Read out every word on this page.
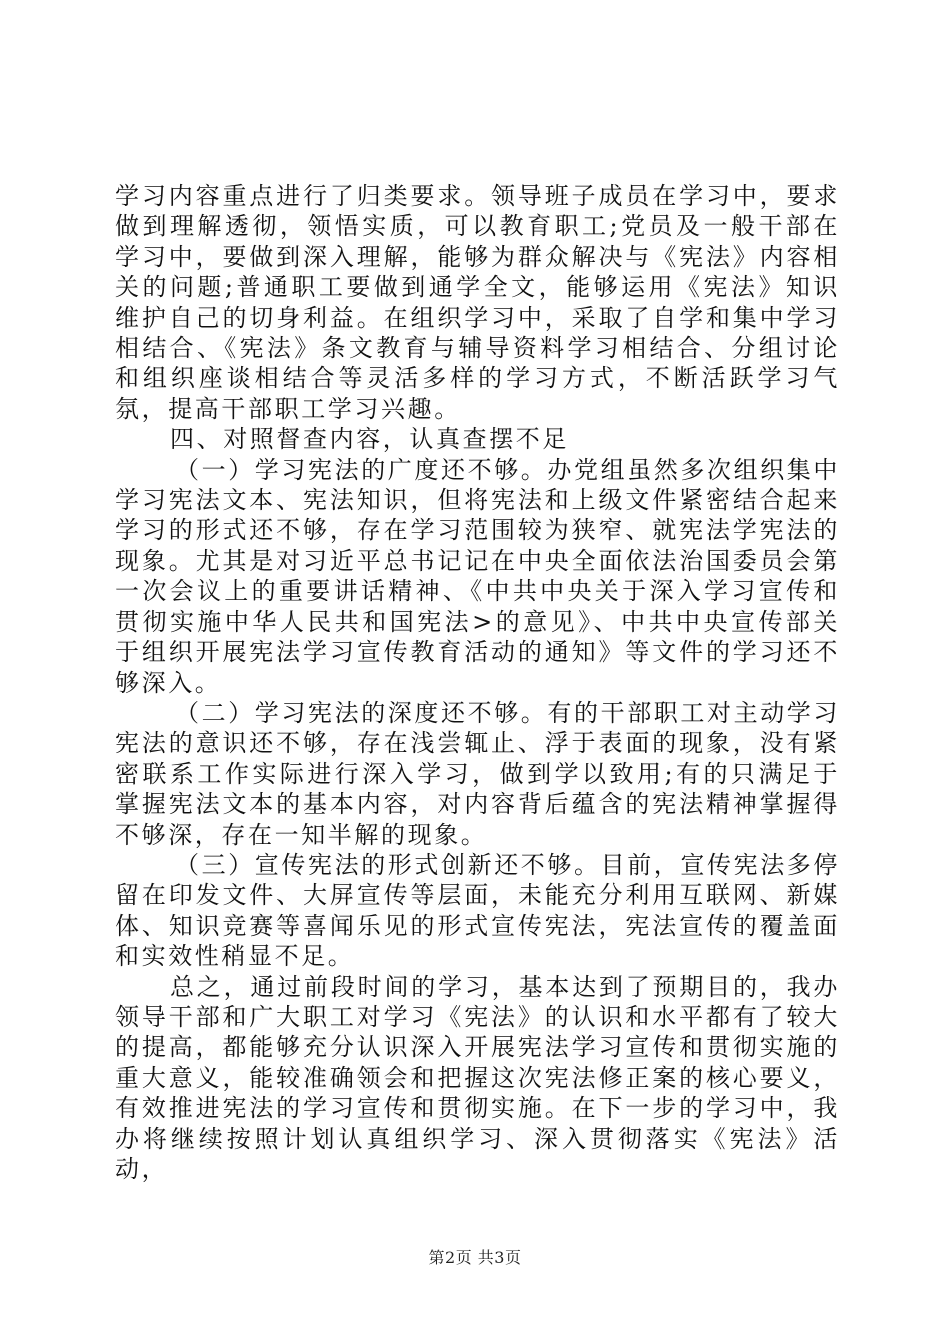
学习内容重点进行了归类要求。领导班子成员在学习中，要求做到理解透彻，领悟实质，可以教育职工;党员及一般干部在学习中，要做到深入理解，能够为群众解决与《宪法》内容相关的问题;普通职工要做到通学全文，能够运用《宪法》知识维护自己的切身利益。在组织学习中，采取了自学和集中学习相结合、《宪法》条文教育与辅导资料学习相结合、分组讨论和组织座谈相结合等灵活多样的学习方式，不断活跃学习气氛，提高干部职工学习兴趣。

四、对照督查内容，认真查摆不足

（一）学习宪法的广度还不够。办党组虽然多次组织集中学习宪法文本、宪法知识，但将宪法和上级文件紧密结合起来学习的形式还不够，存在学习范围较为狭窄、就宪法学宪法的现象。尤其是对习近平总书记记在中央全面依法治国委员会第一次会议上的重要讲话精神、《中共中央关于深入学习宣传和贯彻实施中华人民共和国宪法>的意见》、中共中央宣传部关于组织开展宪法学习宣传教育活动的通知》等文件的学习还不够深入。

（二）学习宪法的深度还不够。有的干部职工对主动学习宪法的意识还不够，存在浅尝辄止、浮于表面的现象，没有紧密联系工作实际进行深入学习，做到学以致用;有的只满足于掌握宪法文本的基本内容，对内容背后蕴含的宪法精神掌握得不够深，存在一知半解的现象。

（三）宣传宪法的形式创新还不够。目前，宣传宪法多停留在印发文件、大屏宣传等层面，未能充分利用互联网、新媒体、知识竞赛等喜闻乐见的形式宣传宪法，宪法宣传的覆盖面和实效性稍显不足。

总之，通过前段时间的学习，基本达到了预期目的，我办领导干部和广大职工对学习《宪法》的认识和水平都有了较大的提高，都能够充分认识深入开展宪法学习宣传和贯彻实施的重大意义，能较准确领会和把握这次宪法修正案的核心要义，有效推进宪法的学习宣传和贯彻实施。在下一步的学习中，我办将继续按照计划认真组织学习、深入贯彻落实《宪法》活动，

第2页 共3页
